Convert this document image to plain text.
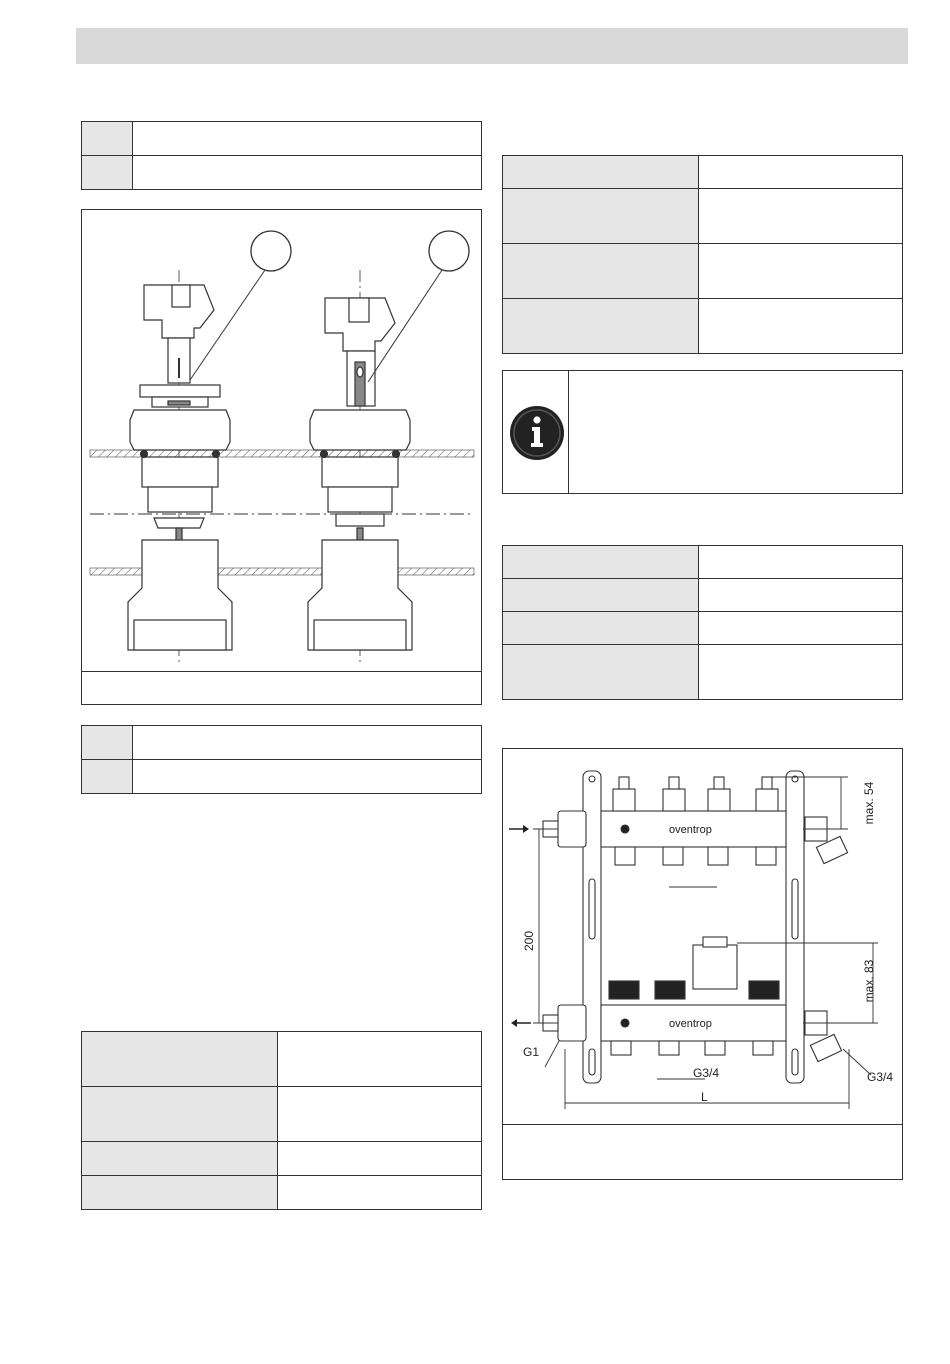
oventrop
oventrop
200
max. 54
max. 83
G1
G3/4	G3/4
L
